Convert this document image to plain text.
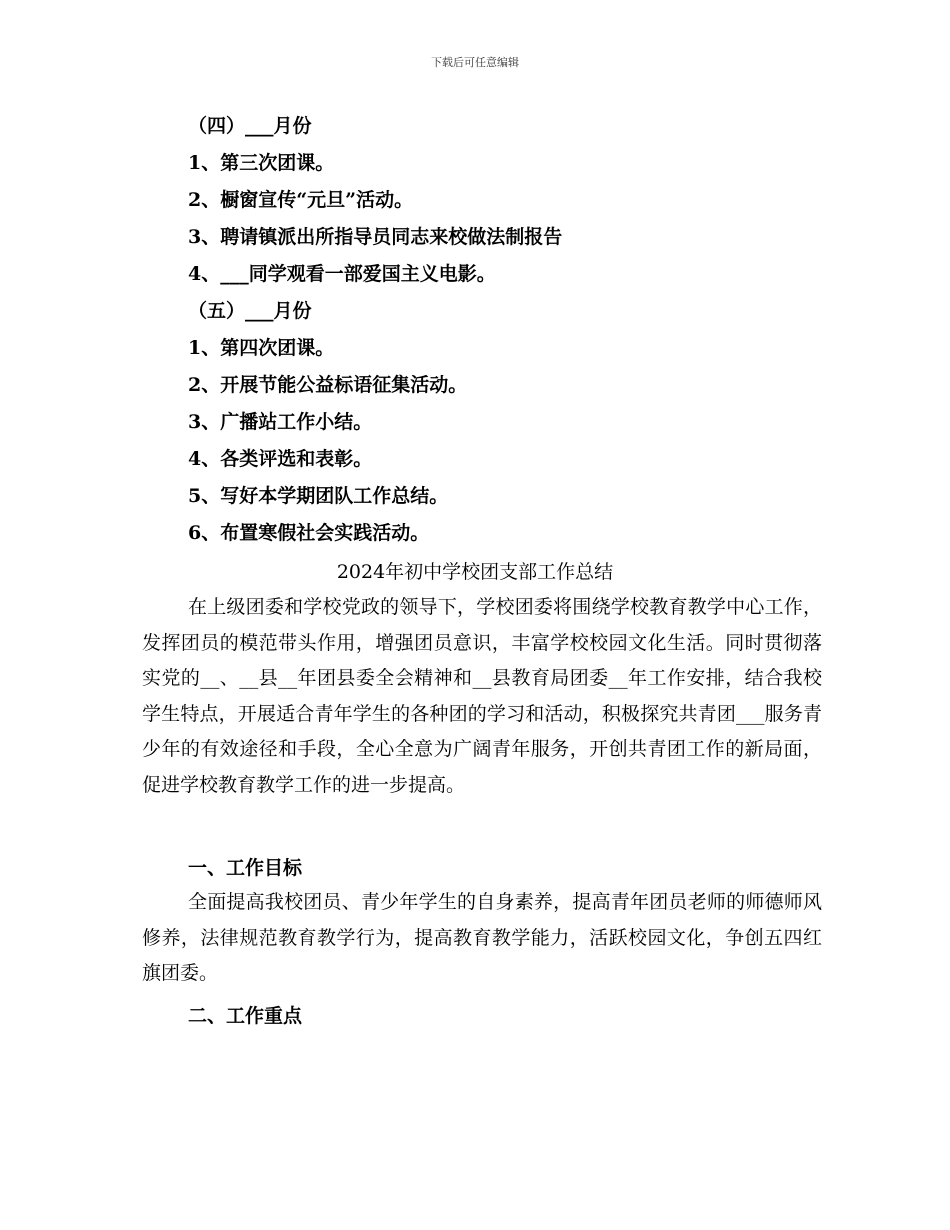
下载后可任意编辑
（四）___月份
1、第三次团课。
2、橱窗宣传“元旦”活动。
3、聘请镇派出所指导员同志来校做法制报告
4、___同学观看一部爱国主义电影。
（五）___月份
1、第四次团课。
2、开展节能公益标语征集活动。
3、广播站工作小结。
4、各类评选和表彰。
5、写好本学期团队工作总结。
6、布置寒假社会实践活动。
2024年初中学校团支部工作总结
在上级团委和学校党政的领导下，学校团委将围绕学校教育教学中心工作，发挥团员的模范带头作用，增强团员意识，丰富学校校园文化生活。同时贯彻落实党的__、__县__年团县委全会精神和__县教育局团委__年工作安排，结合我校学生特点，开展适合青年学生的各种团的学习和活动，积极探究共青团___服务青少年的有效途径和手段，全心全意为广阔青年服务，开创共青团工作的新局面，促进学校教育教学工作的进一步提高。
一、工作目标
全面提高我校团员、青少年学生的自身素养，提高青年团员老师的师德师风修养，法律规范教育教学行为，提高教育教学能力，活跃校园文化，争创五四红旗团委。
二、工作重点
